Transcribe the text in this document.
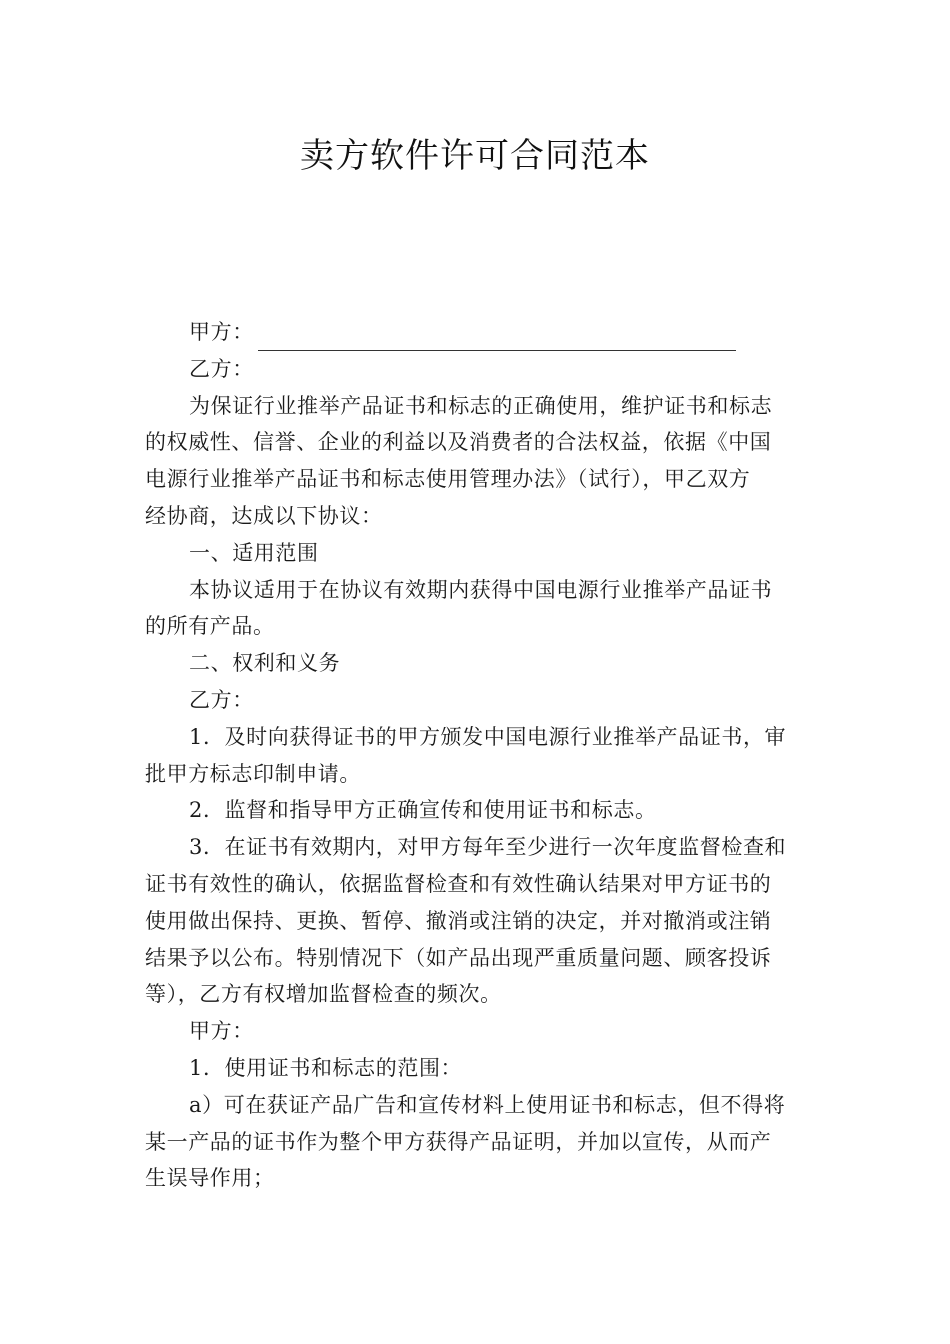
卖方软件许可合同范本

甲方：

乙方：

为保证行业推举产品证书和标志的正确使用，维护证书和标志

的权威性、信誉、企业的利益以及消费者的合法权益，依据《中国

电源行业推举产品证书和标志使用管理办法》（试行），甲乙双方

经协商，达成以下协议：

一、适用范围

本协议适用于在协议有效期内获得中国电源行业推举产品证书

的所有产品。

二、权利和义务

乙方：

1．及时向获得证书的甲方颁发中国电源行业推举产品证书，审

批甲方标志印制申请。

2．监督和指导甲方正确宣传和使用证书和标志。

3．在证书有效期内，对甲方每年至少进行一次年度监督检查和

证书有效性的确认，依据监督检查和有效性确认结果对甲方证书的

使用做出保持、更换、暂停、撤消或注销的决定，并对撤消或注销

结果予以公布。特别情况下（如产品出现严重质量问题、顾客投诉

等），乙方有权增加监督检查的频次。

甲方：

1．使用证书和标志的范围：

a）可在获证产品广告和宣传材料上使用证书和标志，但不得将

某一产品的证书作为整个甲方获得产品证明，并加以宣传，从而产

生误导作用；
